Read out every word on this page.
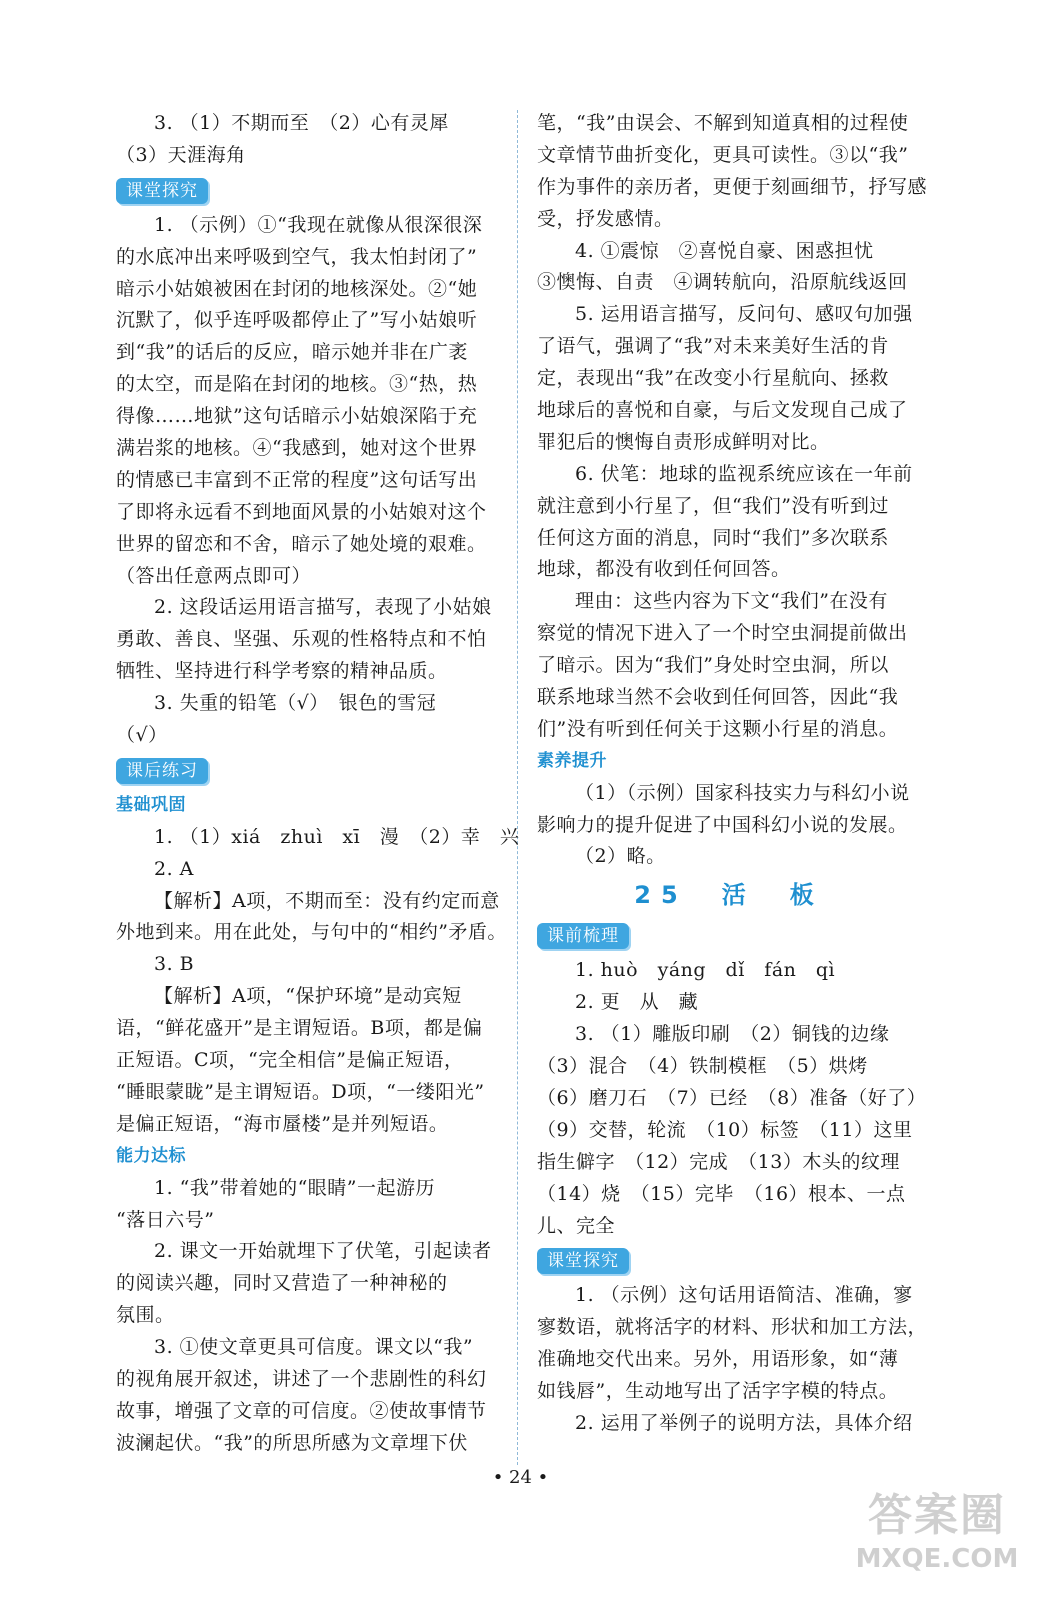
3. （1）不期而至　（2）心有灵犀
（3）天涯海角
课堂探究
1. （示例）①“我现在就像从很深很深
的水底冲出来呼吸到空气，我太怕封闭了”
暗示小姑娘被困在封闭的地核深处。②“她
沉默了，似乎连呼吸都停止了”写小姑娘听
到“我”的话后的反应，暗示她并非在广袤
的太空，而是陷在封闭的地核。③“热，热
得像……地狱”这句话暗示小姑娘深陷于充
满岩浆的地核。④“我感到，她对这个世界
的情感已丰富到不正常的程度”这句话写出
了即将永远看不到地面风景的小姑娘对这个
世界的留恋和不舍，暗示了她处境的艰难。
（答出任意两点即可）
2. 这段话运用语言描写，表现了小姑娘
勇敢、善良、坚强、乐观的性格特点和不怕
牺牲、坚持进行科学考察的精神品质。
3. 失重的铅笔（√）　银色的雪冠
（√）
课后练习
基础巩固
1. （1）xiá　zhuì　xī　漫　（2）幸　兴
2. A
【解析】A项，不期而至：没有约定而意
外地到来。用在此处，与句中的“相约”矛盾。
3. B
【解析】A项，“保护环境”是动宾短
语，“鲜花盛开”是主谓短语。B项，都是偏
正短语。C项，“完全相信”是偏正短语，
“睡眼蒙眬”是主谓短语。D项，“一缕阳光”
是偏正短语，“海市蜃楼”是并列短语。
能力达标
1. “我”带着她的“眼睛”一起游历
“落日六号”
2. 课文一开始就埋下了伏笔，引起读者
的阅读兴趣，同时又营造了一种神秘的
氛围。
3. ①使文章更具可信度。课文以“我”
的视角展开叙述，讲述了一个悲剧性的科幻
故事，增强了文章的可信度。②使故事情节
波澜起伏。“我”的所思所感为文章埋下伏
笔，“我”由误会、不解到知道真相的过程使
文章情节曲折变化，更具可读性。③以“我”
作为事件的亲历者，更便于刻画细节，抒写感
受，抒发感情。
4. ①震惊　②喜悦自豪、困惑担忧
③懊悔、自责　④调转航向，沿原航线返回
5. 运用语言描写，反问句、感叹句加强
了语气，强调了“我”对未来美好生活的肯
定，表现出“我”在改变小行星航向、拯救
地球后的喜悦和自豪，与后文发现自己成了
罪犯后的懊悔自责形成鲜明对比。
6. 伏笔：地球的监视系统应该在一年前
就注意到小行星了，但“我们”没有听到过
任何这方面的消息，同时“我们”多次联系
地球，都没有收到任何回答。
理由：这些内容为下文“我们”在没有
察觉的情况下进入了一个时空虫洞提前做出
了暗示。因为“我们”身处时空虫洞，所以
联系地球当然不会收到任何回答，因此“我
们”没有听到任何关于这颗小行星的消息。
素养提升
（1）（示例）国家科技实力与科幻小说
影响力的提升促进了中国科幻小说的发展。
（2）略。
25　活　板
课前梳理
1. huò　yáng　dǐ　fán　qì
2. 更　从　藏
3. （1）雕版印刷　（2）铜钱的边缘
（3）混合　（4）铁制模框　（5）烘烤
（6）磨刀石　（7）已经　（8）准备（好了）
（9）交替，轮流　（10）标签　（11）这里
指生僻字　（12）完成　（13）木头的纹理
（14）烧　（15）完毕　（16）根本、一点
儿、完全
课堂探究
1. （示例）这句话用语简洁、准确，寥
寥数语，就将活字的材料、形状和加工方法，
准确地交代出来。另外，用语形象，如“薄
如钱唇”，生动地写出了活字字模的特点。
2. 运用了举例子的说明方法，具体介绍
• 24 •
答案圈
MXQE.COM
